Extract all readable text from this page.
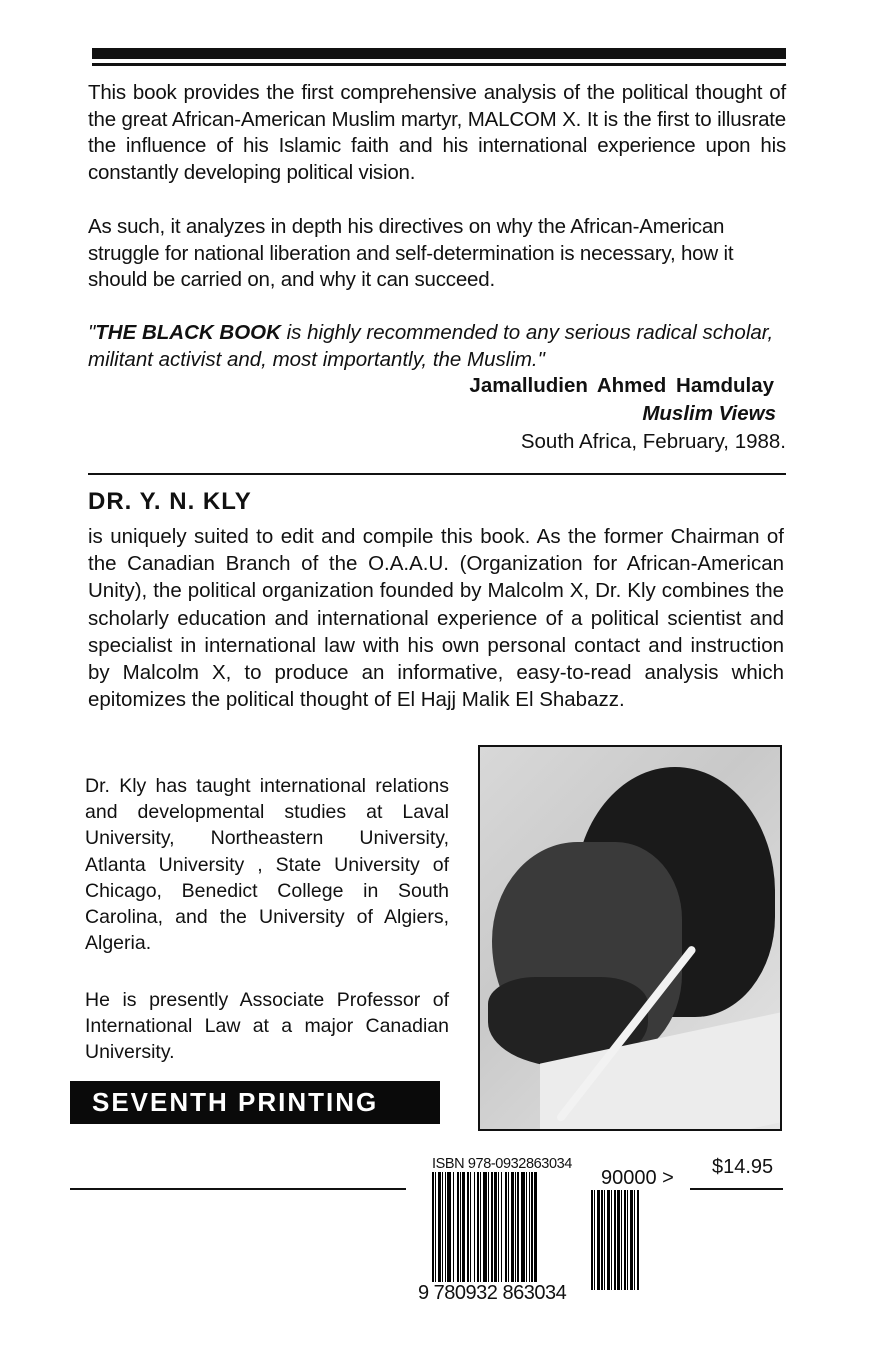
This book provides the first comprehensive analysis of the political thought of the great African-American Muslim martyr, MALCOM X. It is the first to illusrate the influence of his Islamic faith and his international experience upon his constantly developing political vision.
As such, it analyzes in depth his directives on why the African-American struggle for national liberation and self-determination is necessary, how it should be carried on, and why it can succeed.
"THE BLACK BOOK is highly recommended to any serious radical scholar, militant activist and, most importantly, the Muslim."
Jamalludien Ahmed Hamdulay
Muslim Views
South Africa, February, 1988.
DR. Y. N. KLY
is uniquely suited to edit and compile this book. As the former Chairman of the Canadian Branch of the O.A.A.U. (Organization for African-American Unity), the political organization founded by Malcolm X, Dr. Kly combines the scholarly education and international experience of a political scientist and specialist in international law with his own personal contact and instruction by Malcolm X, to produce an informative, easy-to-read analysis which epitomizes the political thought of El Hajj Malik El Shabazz.
Dr. Kly has taught international relations and developmental studies at Laval University, Northeastern University, Atlanta University , State University of Chicago, Benedict College in South Carolina, and the University of Algiers, Algeria.
He is presently Associate Professor of International Law at a major Canadian University.
SEVENTH PRINTING
ISBN 978-0932863034
9 780932 863034
90000 > $14.95
